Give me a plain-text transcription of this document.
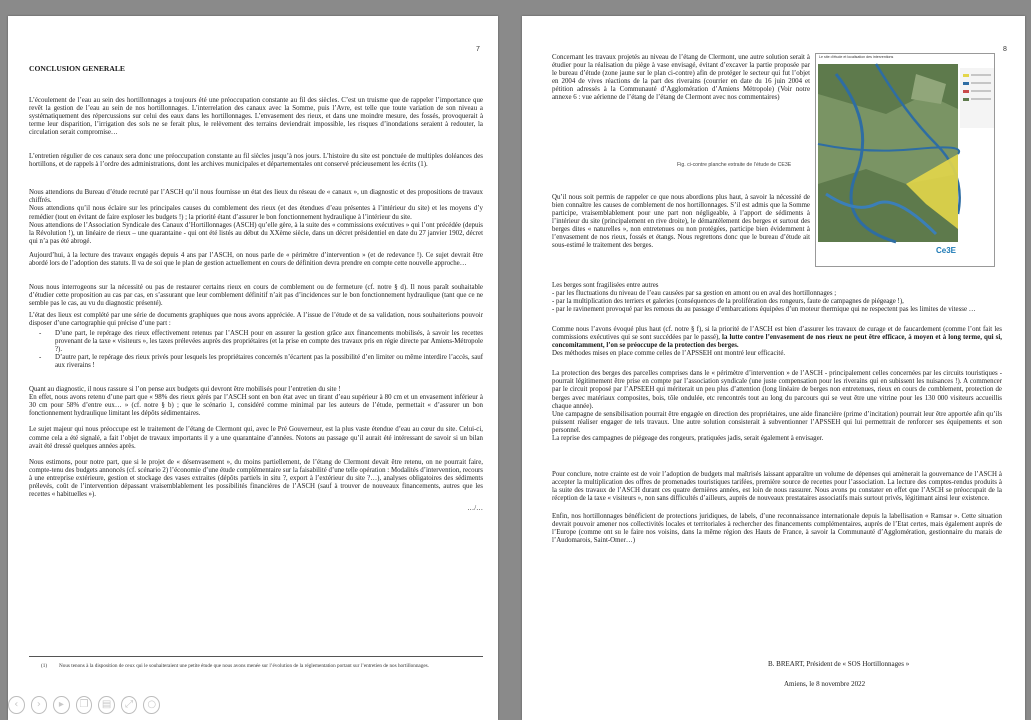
7
CONCLUSION GENERALE
L’écoulement de l’eau au sein des hortillonnages a toujours été une préoccupation constante au fil des siècles. C’est un truisme que de rappeler l’importance que revêt la gestion de l’eau au sein de nos hortillonnages. L’interrelation des canaux avec la Somme, puis l’Avre, est telle que toute variation de son niveau a systématiquement des répercussions sur celui des eaux dans les hortillonnages. L’envasement des rieux, et dans une moindre mesure, des fossés, provoquerait à terme leur disparition, l’irrigation des sols ne se ferait plus, le relèvement des terrains deviendrait impossible, les risques d’inondations seraient à redouter, la circulation serait compromise…
L’entretien régulier de ces canaux sera donc une préoccupation constante au fil siècles jusqu’à nos jours. L’histoire du site est ponctuée de multiples doléances des hortillons, et de rappels à l’ordre des administrations, dont les archives municipales et départementales ont conservé précieusement les écrits (1).
Nous attendions du Bureau d’étude recruté par l’ASCH qu’il nous fournisse un état des lieux du réseau de « canaux », un diagnostic et des propositions de travaux chiffrés.
Nous attendions qu’il nous éclaire sur les principales causes du comblement des rieux (et des étendues d’eau présentes à l’intérieur du site) et les moyens d’y remédier (tout en évitant de faire exploser les budgets !) ; la priorité étant d’assurer le bon fonctionnement hydraulique à l’intérieur du site.
Nous attendions de l’Association Syndicale des Canaux d’Hortillonnages (ASCH) qu’elle gère, à la suite des « commissions exécutives » qui l’ont précédée (depuis la Révolution !), un linéaire de rieux – une quarantaine - qui ont été listés au début du XXème siècle, dans un décret présidentiel en date du 27 janvier 1902, décret qui n’a pas été abrogé.
Aujourd’hui, à la lecture des travaux engagés depuis 4 ans par l’ASCH, on nous parle de « périmètre d’intervention » (et de redevance !). Ce sujet devrait être abordé lors de l’adoption des statuts. Il va de soi que le plan de gestion actuellement en cours de définition devra prendre en compte cette nouvelle approche…
Nous nous interrogeons sur la nécessité ou pas de restaurer certains rieux en cours de comblement ou de fermeture (cf. notre § d). Il nous paraît souhaitable d’étudier cette proposition au cas par cas, en s’assurant que leur comblement définitif n’ait pas d’incidences sur le bon fonctionnement hydraulique (tant que ce ne semble pas le cas, au vu du diagnostic présenté).
L’état des lieux est complété par une série de documents graphiques que nous avons appréciée. A l’issue de l’étude et de sa validation, nous souhaiterions pouvoir disposer d’une cartographie qui précise d’une part :
-	D’une part, le repérage des rieux effectivement retenus par l’ASCH pour en assurer la gestion grâce aux financements mobilisés, à savoir les recettes provenant de la taxe « visiteurs », les taxes prélevées auprès des propriétaires (et la prise en compte des travaux pris en régie directe par Amiens-Métropole ?).
-	D’autre part, le repérage des rieux privés pour lesquels les propriétaires concernés n’écartent pas la possibilité d’en limiter ou même interdire l’accès, sauf aux riverains !
Quant au diagnostic, il nous rassure si l’on pense aux budgets qui devront être mobilisés pour l’entretien du site !
En effet, nous avons retenu d’une part que « 98% des rieux gérés par l’ASCH sont en bon état avec un tirant d’eau supérieur à 80 cm et un envasement inférieur à 30 cm pour 58% d’entre eux… » (cf. notre § b) ; que le scénario 1, considéré comme minimal par les auteurs de l’étude, permettait « d’assurer un bon fonctionnement hydraulique limitant les dépôts sédimentaires.
Le sujet majeur qui nous préoccupe est le traitement de l’étang de Clermont qui, avec le Pré Gouverneur, est la plus vaste étendue d’eau au cœur du site. Celui-ci, comme cela a été signalé, a fait l’objet de travaux importants il y a une quarantaine d’années. Notons au passage qu’il aurait été intéressant de savoir si un bilan avait été dressé quelques années après.
Nous estimons, pour notre part, que si le projet de « désenvasement », du moins partiellement, de l’étang de Clermont devait être retenu, on ne pourrait faire, compte-tenu des budgets annoncés (cf. scénario 2) l’économie d’une étude complémentaire sur la faisabilité d’une telle opération : Modalités d’intervention, recours à une entreprise extérieure, gestion et stockage des vases extraites (dépôts partiels in situ ?, export à l’extérieur du site ?…), analyses obligatoires des sédiments prélevés, coût de l’intervention dépassant vraisemblablement les possibilités financières de l’ASCH (sauf à trouver de nouveaux financements, autres que les recettes « habituelles »).
…/…
(1)	Nous tenons à la disposition de ceux qui le souhaiteraient une petite étude que nous avons menée sur l’évolution de la réglementation portant sur l’entretien de nos hortillonnages.
8
Concernant les travaux projetés au niveau de l’étang de Clermont, une autre solution serait à étudier pour la réalisation du piège à vase envisagé, évitant d’excaver la partie proposée par le bureau d’étude (zone jaune sur le plan ci-contre) afin de protéger le secteur qui fut l’objet en 2004 de vives réactions de la part des riverains (courrier en date du 16 juin 2004 et pétition adressés à la Communauté d’Agglomération d’Amiens Métropole) (Voir notre annexe 6 : vue aérienne de l’étang de l’étang de Clermont avec nos commentaires)
Fig. ci-contre planche extraite de l’étude de CE3E
Le site d’étude et localisation des interventions
Ce3E
Qu’il nous soit permis de rappeler ce que nous abordions plus haut, à savoir la nécessité de bien connaître les causes de comblement de nos hortillonnages. S’il est admis que la Somme participe, vraisemblablement pour une part non négligeable, à l’apport de sédiments à l’intérieur du site (principalement en rive droite), le démantèlement des berges et surtout des berges dites « naturelles », non entretenues ou non protégées, participe bien évidemment à l’envasement de nos rieux, fossés et étangs. Nous regrettons donc que le bureau d’étude ait sous-estimé le traitement des berges.
Les berges sont fragilisées entre autres
- par les fluctuations du niveau de l’eau causées par sa gestion en amont ou en aval des hortillonnages ;
- par la multiplication des terriers et galeries (conséquences de la prolifération des rongeurs, faute de campagnes de piégeage !),
- par le ravinement provoqué par les remous du au passage d’embarcations équipées d’un moteur thermique qui ne respectent pas les limites de vitesse …
Comme nous l’avons évoqué plus haut (cf. notre § f), si la priorité de l’ASCH est bien d’assurer les travaux de curage et de faucardement (comme l’ont fait les commissions exécutives qui se sont succédées par le passé), la lutte contre l’envasement de nos rieux ne peut être efficace, à moyen et à long terme, qui si, concomitamment, l’on se préoccupe de la protection des berges.
Des méthodes mises en place comme celles de l’APSSEH ont montré leur efficacité.
La protection des berges des parcelles comprises dans le « périmètre d’intervention » de l’ASCH - principalement celles concernées par les circuits touristiques - pourrait légitimement être prise en compte par l’association syndicale (une juste compensation pour les riverains qui en subissent les nuisances !). A commencer par le circuit proposé par l’APSEEH qui mériterait un peu plus d’attention (long linéaire de berges non entretenues, rieux en cours de comblement, protection de berges avec matériaux composites, bois, tôle ondulée, etc rencontrés tout au long du parcours qui se veut être une vitrine pour les 130 000 visiteurs accueillis chaque année).
Une campagne de sensibilisation pourrait être engagée en direction des propriétaires, une aide financière (prime d’incitation) pourrait leur être apportée afin qu’ils puissent réaliser engager de tels travaux. Une autre solution consisterait à subventionner l’APSSEH qui lui permettrait de renforcer ses équipements et son personnel.
La reprise des campagnes de piégeage des rongeurs, pratiquées jadis, serait également à envisager.
Pour conclure, notre crainte est de voir l’adoption de budgets mal maîtrisés laissant apparaître un volume de dépenses qui amènerait la gouvernance de l’ASCH à accepter la multiplication des offres de promenades touristiques tarifées, première source de recettes pour l’association. La lecture des comptes-rendus produits à la suite des travaux de l’ASCH durant ces quatre dernières années, est loin de nous rassurer. Nous avons pu constater en effet que l’ASCH se préoccupait de la réception de la taxe « visiteurs », non sans difficultés d’ailleurs, auprès de nouveaux prestataires associatifs mais surtout privés, légitimant ainsi leur existence.
Enfin, nos hortillonnages bénéficient de protections juridiques, de labels, d’une reconnaissance internationale depuis la labellisation « Ramsar ». Cette situation devrait pouvoir amener nos collectivités locales et territoriales à rechercher des financements complémentaires, auprès de l’Etat certes, mais également auprès de l’Europe (comme ont su le faire nos voisins, dans la même région des Hauts de France, à savoir la Communauté d’Agglomération, gestionnaire du marais de l’Audomarois, Saint-Omer…)
B. BREART, Président de « SOS Hortillonnages »
Amiens, le 8 novembre 2022
‹	›	▸	❐	▤	⤢	○
